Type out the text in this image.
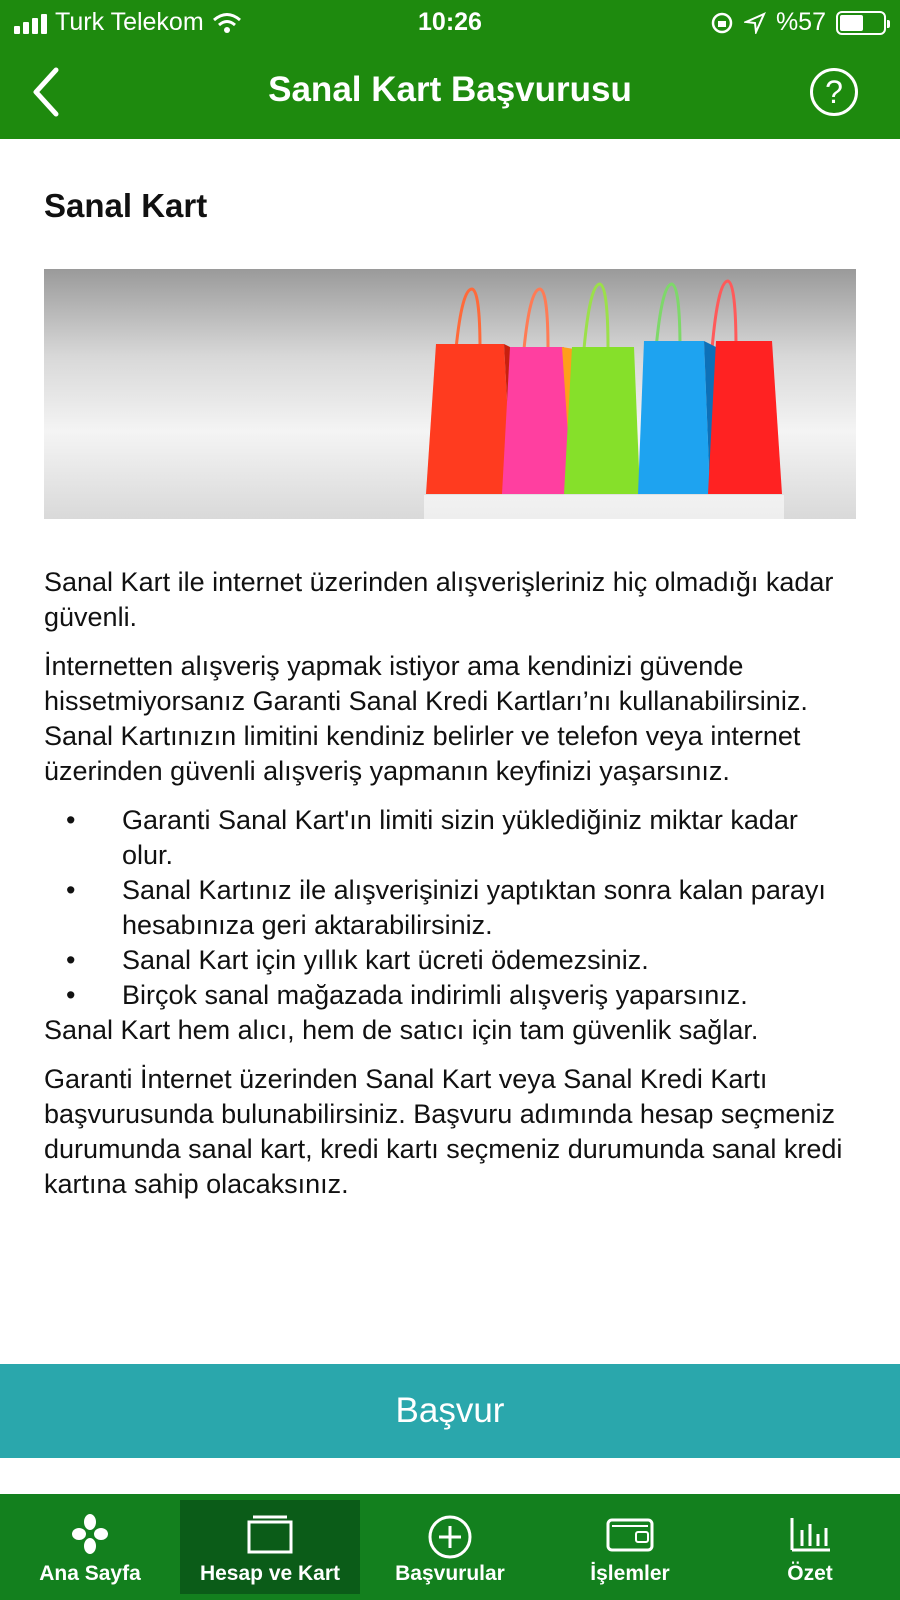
Turk Telekom	10:26	%57
Sanal Kart Başvurusu	?
Sanal Kart

Sanal Kart ile internet üzerinden alışverişleriniz hiç olmadığı kadar güvenli.

İnternetten alışveriş yapmak istiyor ama kendinizi güvende hissetmiyorsanız Garanti Sanal Kredi Kartları’nı kullanabilirsiniz. Sanal Kartınızın limitini kendiniz belirler ve telefon veya internet üzerinden güvenli alışveriş yapmanın keyfinizi yaşarsınız.

• Garanti Sanal Kart'ın limiti sizin yüklediğiniz miktar kadar olur.
• Sanal Kartınız ile alışverişinizi yaptıktan sonra kalan parayı hesabınıza geri aktarabilirsiniz.
• Sanal Kart için yıllık kart ücreti ödemezsiniz.
• Birçok sanal mağazada indirimli alışveriş yaparsınız.

Sanal Kart hem alıcı, hem de satıcı için tam güvenlik sağlar.

Garanti İnternet üzerinden Sanal Kart veya Sanal Kredi Kartı başvurusunda bulunabilirsiniz. Başvuru adımında hesap seçmeniz durumunda sanal kart, kredi kartı seçmeniz durumunda sanal kredi kartına sahip olacaksınız.

Başvur
Ana Sayfa	Hesap ve Kart	Başvurular	İşlemler	Özet
